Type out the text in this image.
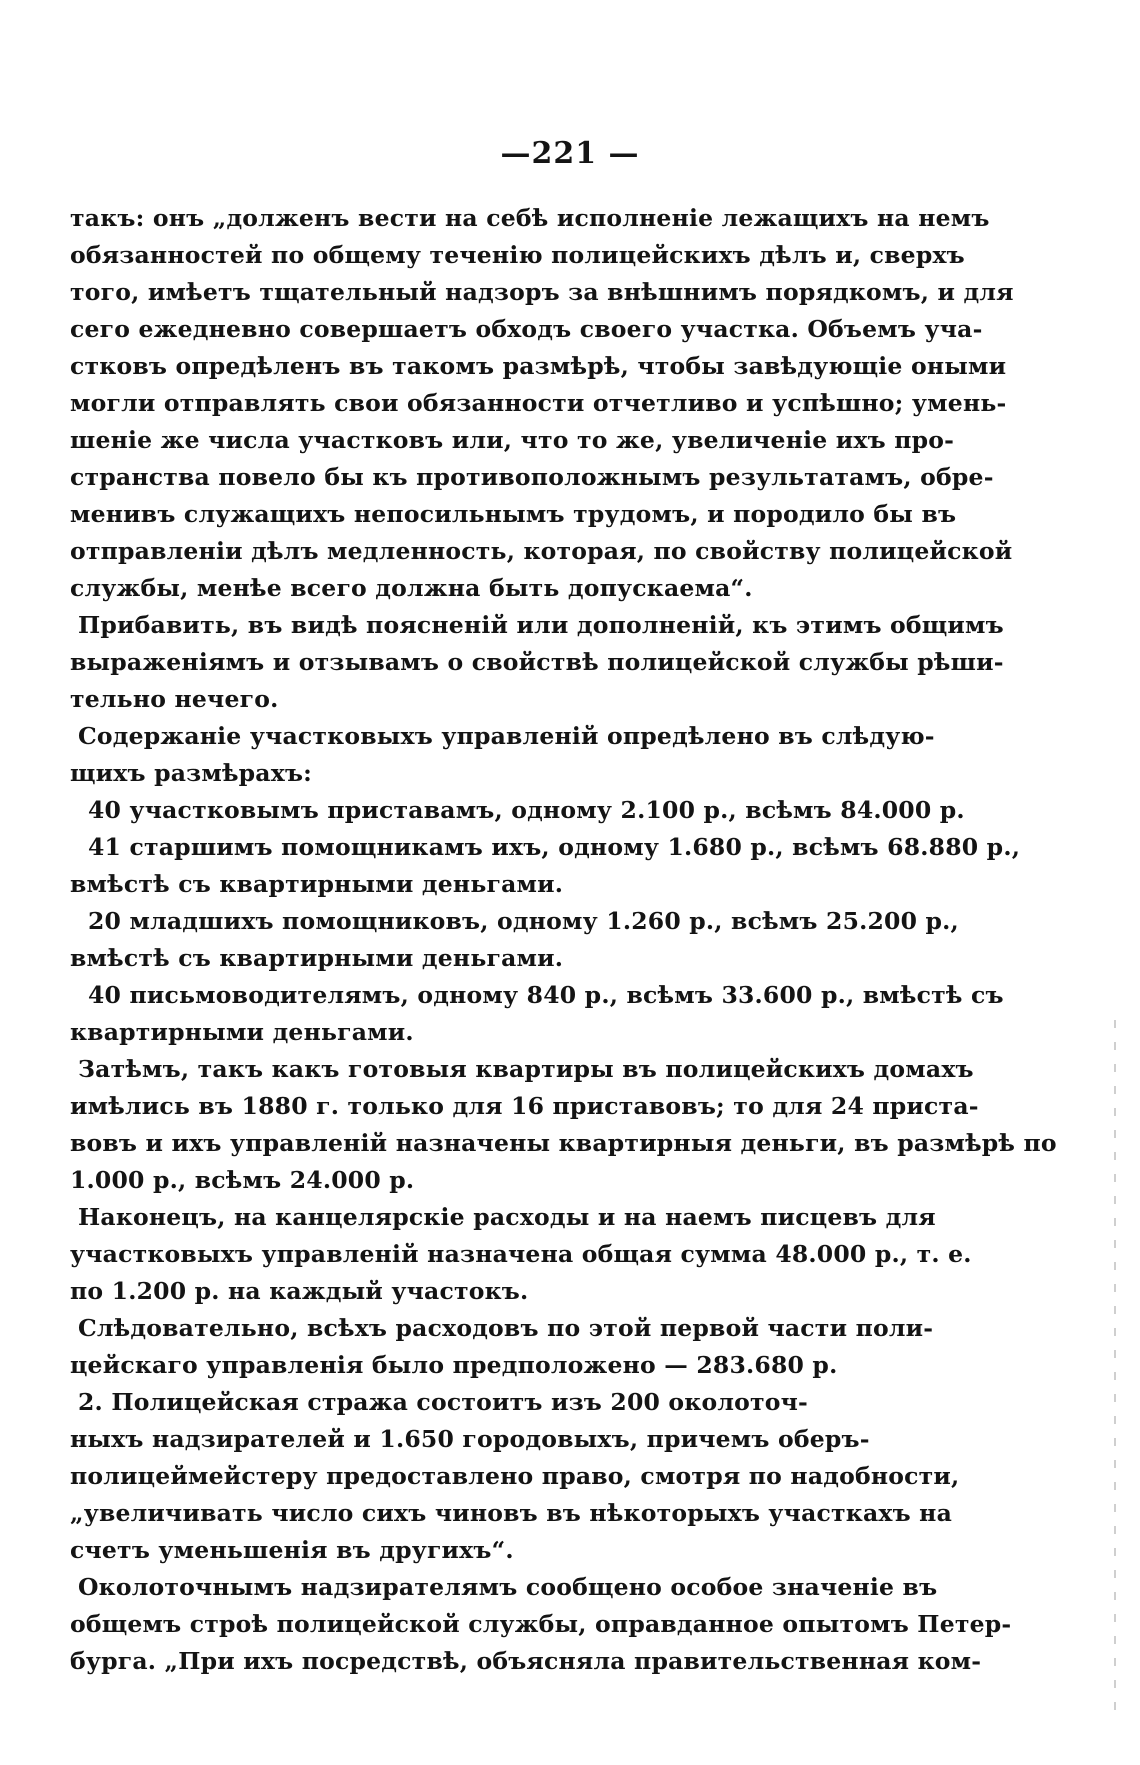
—221 —
такъ: онъ „долженъ вести на себѣ исполненіе лежащихъ на немъ
обязанностей по общему теченію полицейскихъ дѣлъ и, сверхъ
того, имѣетъ тщательный надзоръ за внѣшнимъ порядкомъ, и для
сего ежедневно совершаетъ обходъ своего участка. Объемъ уча-
стковъ опредѣленъ въ такомъ размѣрѣ, чтобы завѣдующіе оными
могли отправлять свои обязанности отчетливо и успѣшно; умень-
шеніе же числа участковъ или, что то же, увеличеніе ихъ про-
странства повело бы къ противоположнымъ результатамъ, обре-
менивъ служащихъ непосильнымъ трудомъ, и породило бы въ
отправленіи дѣлъ медленность, которая, по свойству полицейской
службы, менѣе всего должна быть допускаема“.
Прибавить, въ видѣ поясненій или дополненій, къ этимъ общимъ
выраженіямъ и отзывамъ о свойствѣ полицейской службы рѣши-
тельно нечего.
Содержаніе участковыхъ управленій опредѣлено въ слѣдую-
щихъ размѣрахъ:
40 участковымъ приставамъ, одному 2.100 р., всѣмъ 84.000 р.
41 старшимъ помощникамъ ихъ, одному 1.680 р., всѣмъ 68.880 р.,
вмѣстѣ съ квартирными деньгами.
20 младшихъ помощниковъ, одному 1.260 р., всѣмъ 25.200 р.,
вмѣстѣ съ квартирными деньгами.
40 письмоводителямъ, одному 840 р., всѣмъ 33.600 р., вмѣстѣ съ
квартирными деньгами.
Затѣмъ, такъ какъ готовыя квартиры въ полицейскихъ домахъ
имѣлись въ 1880 г. только для 16 приставовъ; то для 24 приста-
вовъ и ихъ управленій назначены квартирныя деньги, въ размѣрѣ по
1.000 р., всѣмъ 24.000 р.
Наконецъ, на канцелярскіе расходы и на наемъ писцевъ для
участковыхъ управленій назначена общая сумма 48.000 р., т. е.
по 1.200 р. на каждый участокъ.
Слѣдовательно, всѣхъ расходовъ по этой первой части поли-
цейскаго управленія было предположено — 283.680 р.
2. Полицейская стража состоитъ изъ 200 околоточ-
ныхъ надзирателей и 1.650 городовыхъ, причемъ оберъ-
полицеймейстеру предоставлено право, смотря по надобности,
„увеличивать число сихъ чиновъ въ нѣкоторыхъ участкахъ на
счетъ уменьшенія въ другихъ“.
Околоточнымъ надзирателямъ сообщено особое значеніе въ
общемъ строѣ полицейской службы, оправданное опытомъ Петер-
бурга. „При ихъ посредствѣ, объясняла правительственная ком-
